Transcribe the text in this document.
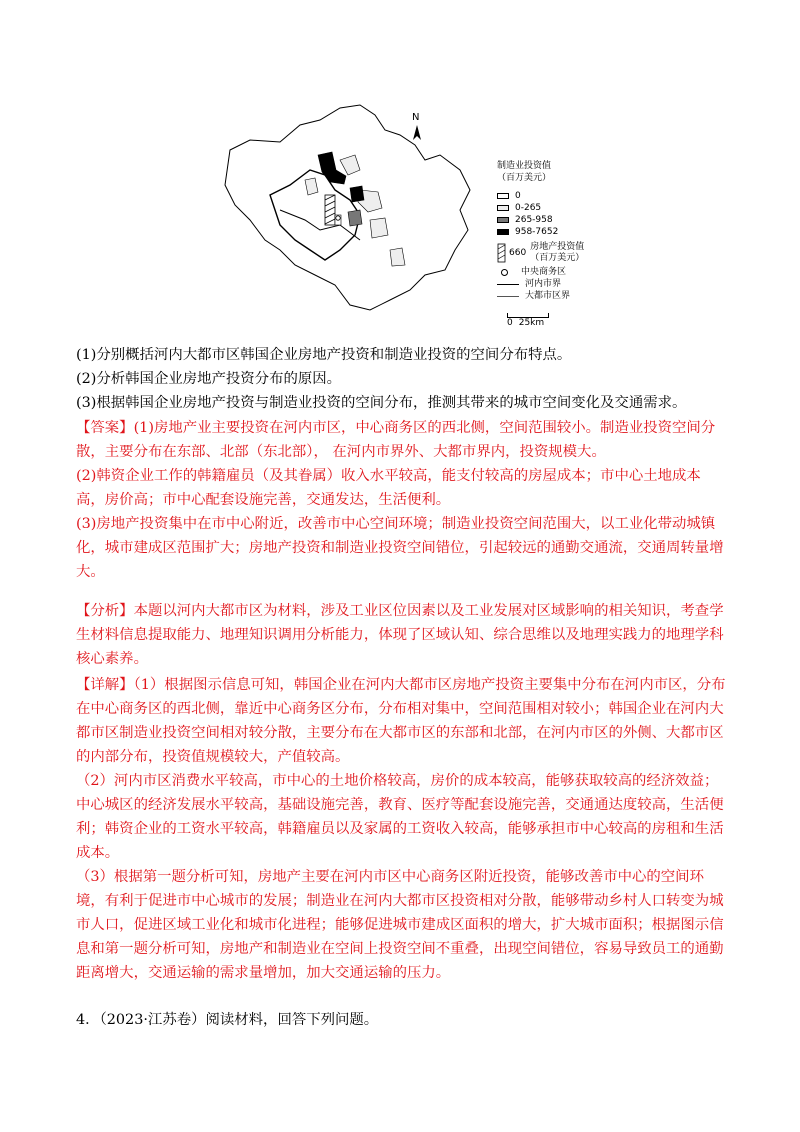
N
制造业投资值
（百万美元）
0
0-265
265-958
958-7652
660
房地产投资值
（百万美元）
中央商务区
河内市界
大都市区界
0 25km

(1)分别概括河内大都市区韩国企业房地产投资和制造业投资的空间分布特点。

(2)分析韩国企业房地产投资分布的原因。

(3)根据韩国企业房地产投资与制造业投资的空间分布，推测其带来的城市空间变化及交通需求。

【答案】(1)房地产业主要投资在河内市区，中心商务区的西北侧，空间范围较小。制造业投资空间分散，主要分布在东部、北部（东北部）， 在河内市界外、大都市界内，投资规模大。

(2)韩资企业工作的韩籍雇员（及其眷属）收入水平较高，能支付较高的房屋成本；市中心土地成本高，房价高；市中心配套设施完善，交通发达，生活便利。

(3)房地产投资集中在市中心附近，改善市中心空间环境；制造业投资空间范围大，以工业化带动城镇化，城市建成区范围扩大；房地产投资和制造业投资空间错位，引起较远的通勤交通流，交通周转量增大。

【分析】本题以河内大都市区为材料，涉及工业区位因素以及工业发展对区域影响的相关知识，考查学生材料信息提取能力、地理知识调用分析能力，体现了区域认知、综合思维以及地理实践力的地理学科核心素养。

【详解】（1）根据图示信息可知，韩国企业在河内大都市区房地产投资主要集中分布在河内市区，分布在中心商务区的西北侧，靠近中心商务区分布，分布相对集中，空间范围相对较小；韩国企业在河内大都市区制造业投资空间相对较分散，主要分布在大都市区的东部和北部，在河内市区的外侧、大都市区的内部分布，投资值规模较大，产值较高。

（2）河内市区消费水平较高，市中心的土地价格较高，房价的成本较高，能够获取较高的经济效益；中心城区的经济发展水平较高，基础设施完善，教育、医疗等配套设施完善，交通通达度较高，生活便利；韩资企业的工资水平较高，韩籍雇员以及家属的工资收入较高，能够承担市中心较高的房租和生活成本。

（3）根据第一题分析可知，房地产主要在河内市区中心商务区附近投资，能够改善市中心的空间环境，有利于促进市中心城市的发展；制造业在河内大都市区投资相对分散，能够带动乡村人口转变为城市人口，促进区域工业化和城市化进程；能够促进城市建成区面积的增大，扩大城市面积；根据图示信息和第一题分析可知，房地产和制造业在空间上投资空间不重叠，出现空间错位，容易导致员工的通勤距离增大，交通运输的需求量增加，加大交通运输的压力。

4．（2023·江苏卷）阅读材料，回答下列问题。
